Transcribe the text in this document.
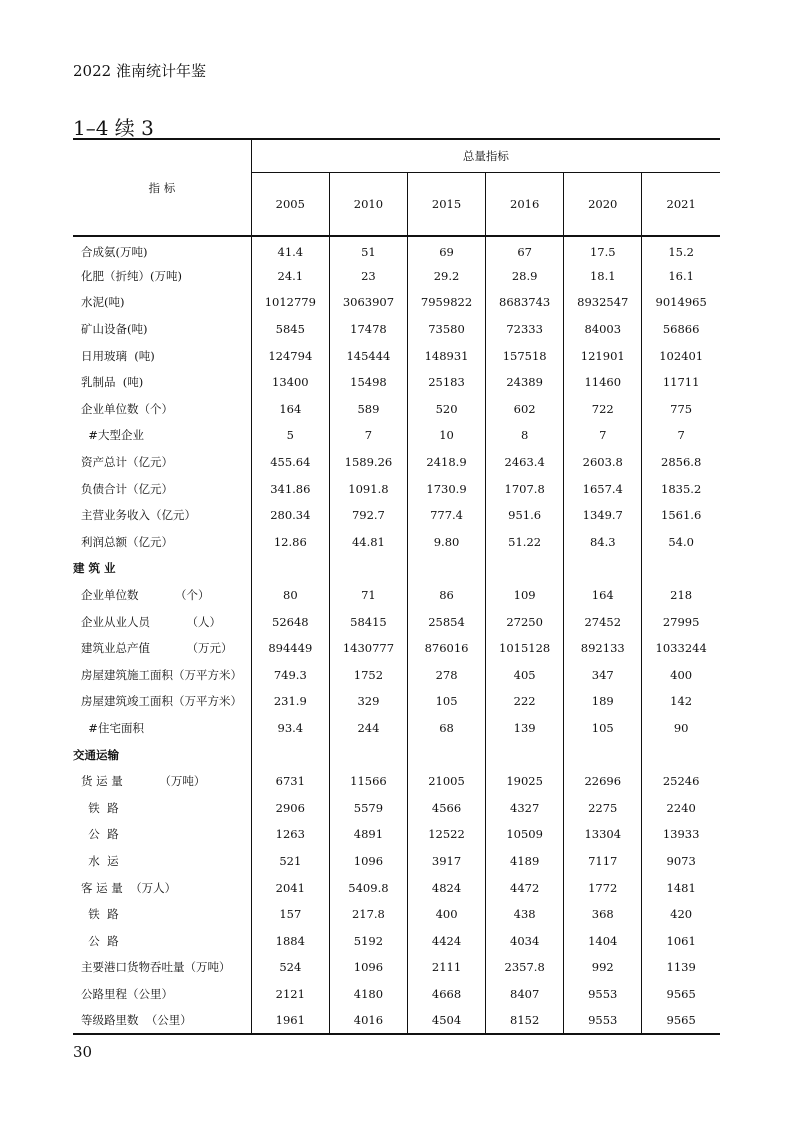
2022 淮南统计年鉴
1–4 续 3
指 标	总量指标					
	2005	2010	2015	2016	2020	2021
合成氨(万吨)	41.4	51	69	67	17.5	15.2
化肥（折纯）(万吨)	24.1	23	29.2	28.9	18.1	16.1
水泥(吨)	1012779	3063907	7959822	8683743	8932547	9014965
矿山设备(吨)	5845	17478	73580	72333	84003	56866
日用玻璃  (吨)	124794	145444	148931	157518	121901	102401
乳制品  (吨)	13400	15498	25183	24389	11460	11711
企业单位数（个）	164	589	520	602	722	775
#大型企业	5	7	10	8	7	7
资产总计（亿元）	455.64	1589.26	2418.9	2463.4	2603.8	2856.8
负债合计（亿元）	341.86	1091.8	1730.9	1707.8	1657.4	1835.2
主营业务收入（亿元）	280.34	792.7	777.4	951.6	1349.7	1561.6
利润总额（亿元）	12.86	44.81	9.80	51.22	84.3	54.0
建 筑 业						
企业单位数          （个）	80	71	86	109	164	218
企业从业人员          （人）	52648	58415	25854	27250	27452	27995
建筑业总产值          （万元）	894449	1430777	876016	1015128	892133	1033244
房屋建筑施工面积（万平方米）	749.3	1752	278	405	347	400
房屋建筑竣工面积（万平方米）	231.9	329	105	222	189	142
#住宅面积	93.4	244	68	139	105	90
交通运输						
货 运 量          （万吨）	6731	11566	21005	19025	22696	25246
铁  路	2906	5579	4566	4327	2275	2240
公  路	1263	4891	12522	10509	13304	13933
水  运	521	1096	3917	4189	7117	9073
客 运 量  （万人）	2041	5409.8	4824	4472	1772	1481
铁  路	157	217.8	400	438	368	420
公  路	1884	5192	4424	4034	1404	1061
主要港口货物吞吐量（万吨）	524	1096	2111	2357.8	992	1139
公路里程（公里）	2121	4180	4668	8407	9553	9565
等级路里数  （公里）	1961	4016	4504	8152	9553	9565
30
